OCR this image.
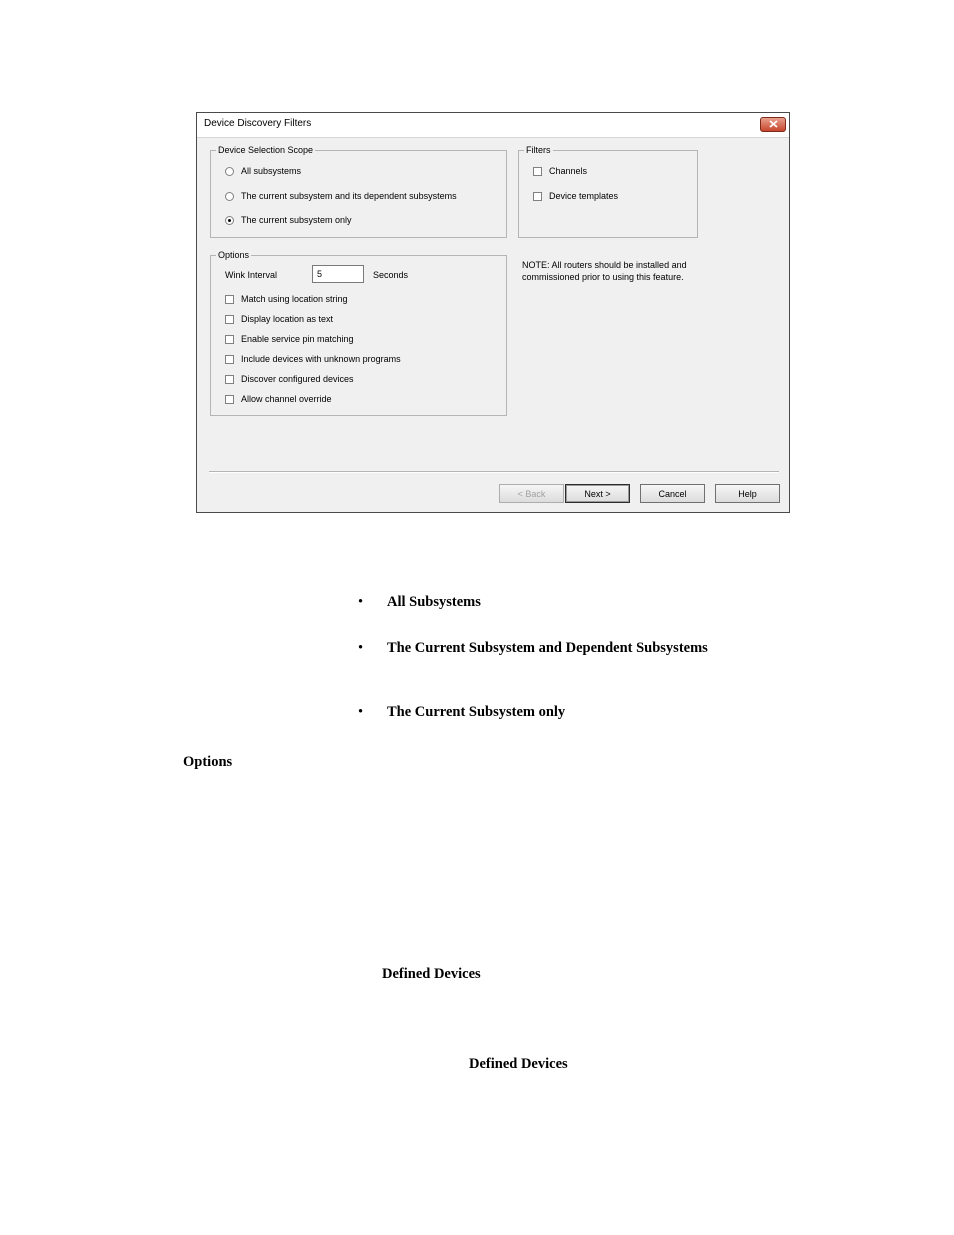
Device Discovery Filters
Device Selection Scope
All subsystems
The current subsystem and its dependent subsystems
The current subsystem only
Filters
Channels
Device templates
Options
Wink Interval
5	Seconds
Match using location string
Display location as text
Enable service pin matching
Include devices with unknown programs
Discover configured devices
Allow channel override
NOTE: All routers should be installed and commissioned prior to using this feature.
< Back	Next >	Cancel	Help
•	All Subsystems
•	The Current Subsystem and Dependent Subsystems
•	The Current Subsystem only
Options
Defined Devices
Defined Devices
